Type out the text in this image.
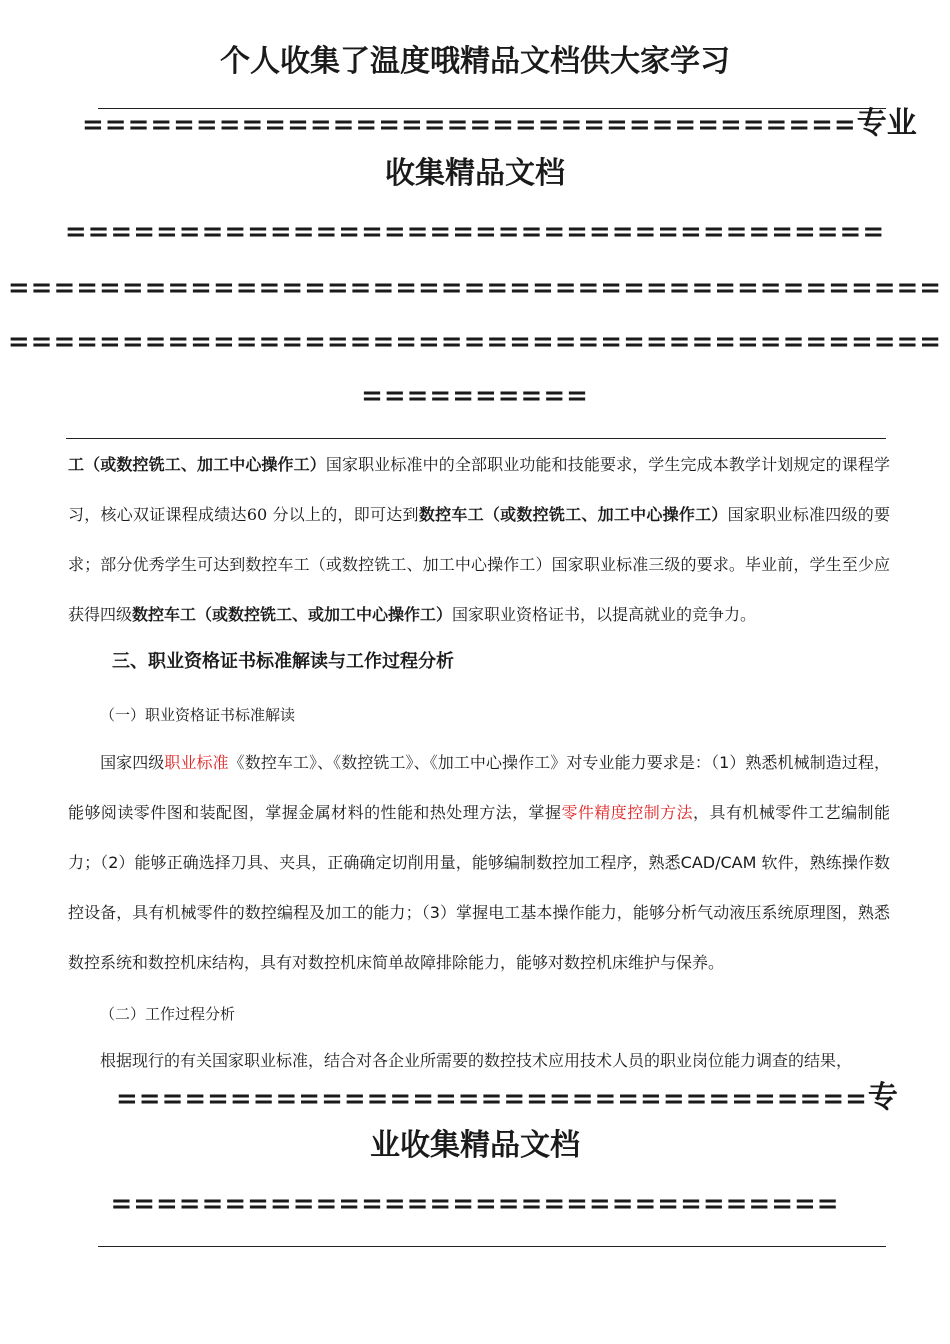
个人收集了温度哦精品文档供大家学习
==================================专业
收集精品文档
====================================
=========================================
=========================================
==========
工（或数控铣工、加工中心操作工）国家职业标准中的全部职业功能和技能要求，学生完成本教学计划规定的课程学习，核心双证课程成绩达60 分以上的，即可达到数控车工（或数控铣工、加工中心操作工）国家职业标准四级的要求；部分优秀学生可达到数控车工（或数控铣工、加工中心操作工）国家职业标准三级的要求。毕业前，学生至少应获得四级数控车工（或数控铣工、或加工中心操作工）国家职业资格证书，以提高就业的竞争力。
三、职业资格证书标准解读与工作过程分析
（一）职业资格证书标准解读
国家四级职业标准《数控车工》、《数控铣工》、《加工中心操作工》对专业能力要求是：（1）熟悉机械制造过程，能够阅读零件图和装配图，掌握金属材料的性能和热处理方法，掌握零件精度控制方法，具有机械零件工艺编制能力；（2）能够正确选择刀具、夹具，正确确定切削用量，能够编制数控加工程序，熟悉CAD/CAM 软件，熟练操作数控设备，具有机械零件的数控编程及加工的能力；（3）掌握电工基本操作能力，能够分析气动液压系统原理图，熟悉数控系统和数控机床结构，具有对数控机床简单故障排除能力，能够对数控机床维护与保养。
（二）工作过程分析
根据现行的有关国家职业标准，结合对各企业所需要的数控技术应用技术人员的职业岗位能力调查的结果，
=================================专
业收集精品文档
================================
